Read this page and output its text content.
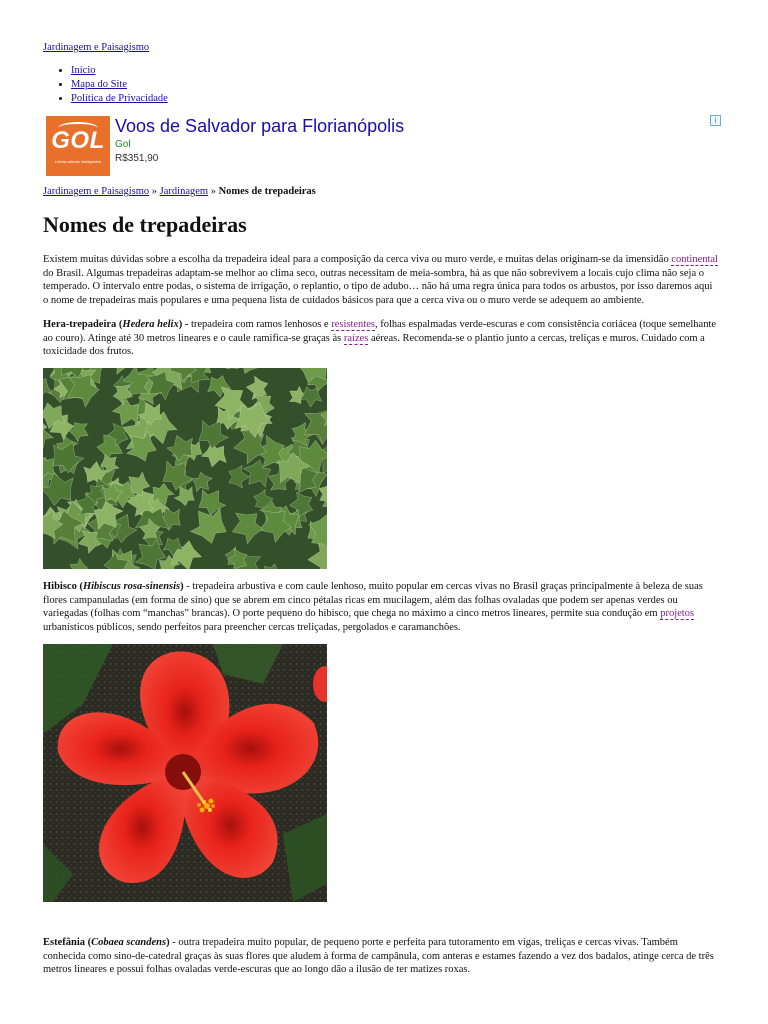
Jardinagem e Paisagismo
• Início
• Mapa do Site
• Política de Privacidade
GOL
Linhas aéreas inteligentes
Voos de Salvador para Florianópolis
Gol
R$351,90
i
Jardinagem e Paisagismo » Jardinagem » Nomes de trepadeiras
Nomes de trepadeiras

Existem muitas dúvidas sobre a escolha da trepadeira ideal para a composição da cerca viva ou muro verde, e muitas delas originam-se da imensidão continental do Brasil. Algumas trepadeiras adaptam-se melhor ao clima seco, outras necessitam de meia-sombra, há as que não sobrevivem a locais cujo clima não seja o temperado. O intervalo entre podas, o sistema de irrigação, o replantio, o tipo de adubo… não há uma regra única para todos os arbustos, por isso daremos aqui o nome de trepadeiras mais populares e uma pequena lista de cuidados básicos para que a cerca viva ou o muro verde se adequem ao ambiente.

Hera-trepadeira (Hedera helix) - trepadeira com ramos lenhosos e resistentes, folhas espalmadas verde-escuras e com consistência coriácea (toque semelhante ao couro). Atinge até 30 metros lineares e o caule ramifica-se graças às raízes aéreas. Recomenda-se o plantio junto a cercas, treliças e muros. Cuidado com a toxicidade dos frutos.

Hibisco (Hibiscus rosa-sinensis) - trepadeira arbustiva e com caule lenhoso, muito popular em cercas vivas no Brasil graças principalmente à beleza de suas flores campanuladas (em forma de sino) que se abrem em cinco pétalas ricas em mucilagem, além das folhas ovaladas que podem ser apenas verdes ou variegadas (folhas com “manchas” brancas). O porte pequeno do hibisco, que chega no máximo a cinco metros lineares, permite sua condução em projetos urbanísticos públicos, sendo perfeitos para preencher cercas treliçadas, pergolados e caramanchões.

Estefânia (Cobaea scandens) - outra trepadeira muito popular, de pequeno porte e perfeita para tutoramento em vigas, treliças e cercas vivas. Também conhecida como sino-de-catedral graças às suas flores que aludem à forma de campânula, com anteras e estames fazendo a vez dos badalos, atinge cerca de três metros lineares e possui folhas ovaladas verde-escuras que ao longo dão a ilusão de ter matizes roxas.
